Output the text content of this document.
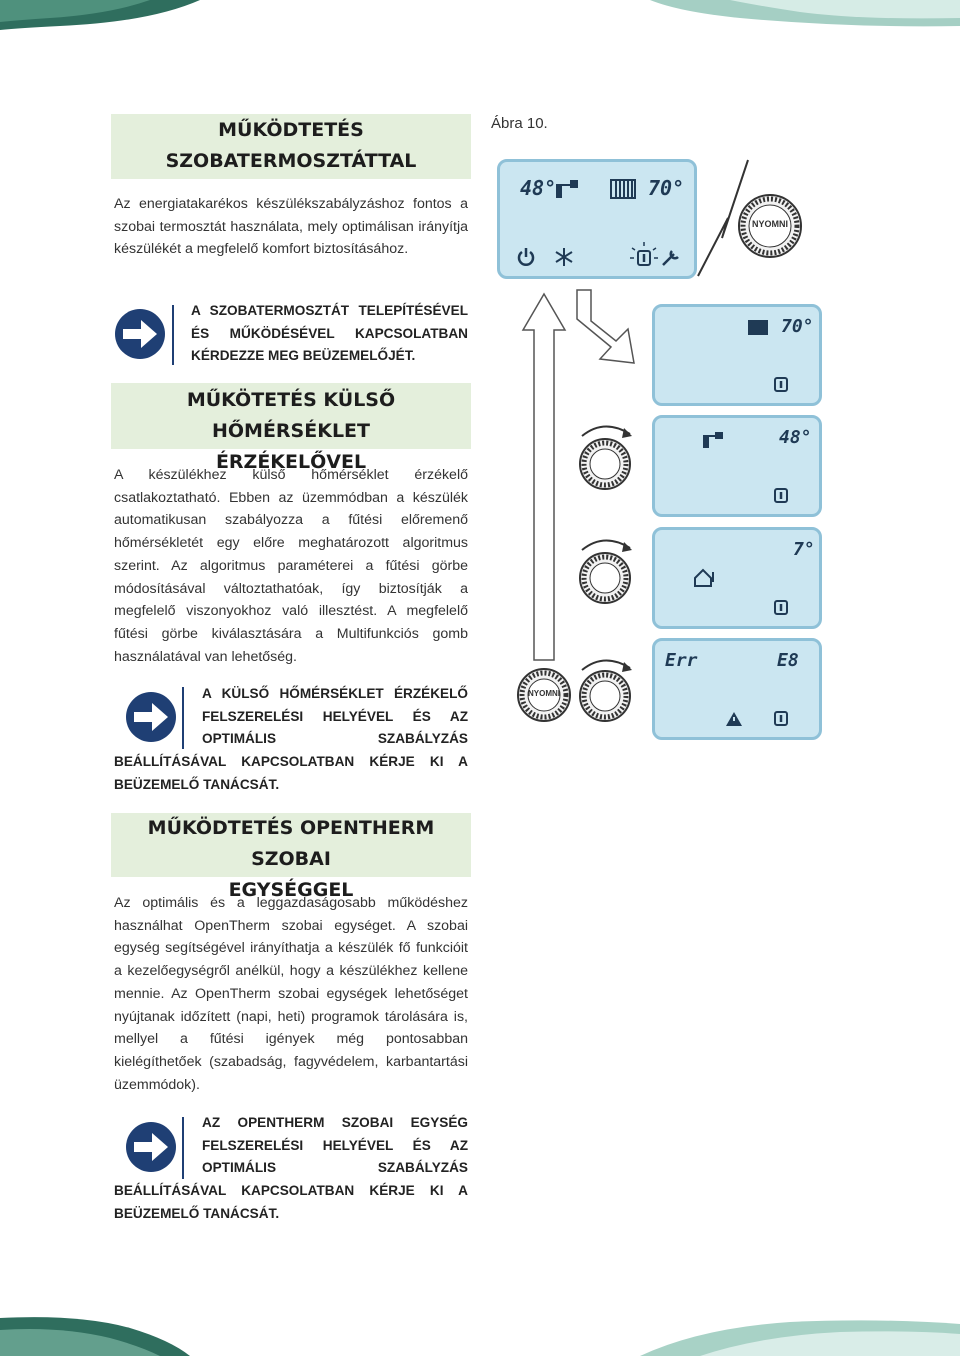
MŰKÖDTETÉS
SZOBATERMOSZTÁTTAL
Az energiatakarékos készülékszabályzáshoz fontos a szobai termosztát használata, mely optimálisan irányítja készülékét a megfelelő komfort biztosításához.
A SZOBATERMOSZTÁT TELEPÍTÉSÉVEL ÉS MŰKÖDÉSÉVEL KAPCSOLATBAN KÉRDEZZE MEG BEÜZEMELŐJÉT.
MŰKÖTETÉS KÜLSŐ HŐMÉRSÉKLET
ÉRZÉKELŐVEL
A készülékhez külső hőmérséklet érzékelő csatlakoztatható. Ebben az üzemmódban a készülék automatikusan szabályozza a fűtési előremenő hőmérsékletét egy előre meghatározott algoritmus szerint. Az algoritmus paraméterei a fűtési görbe módosításával változtathatóak, így biztosítják a megfelelő viszonyokhoz való illesztést. A megfelelő fűtési görbe kiválasztására a Multifunkciós gomb használatával van lehetőség.
A KÜLSŐ HŐMÉRSÉKLET ÉRZÉKELŐ
FELSZERELÉSI HELYÉVEL ÉS AZ
OPTIMÁLIS SZABÁLYZÁS
BEÁLLÍTÁSÁVAL KAPCSOLATBAN KÉRJE KI A BEÜZEMELŐ TANÁCSÁT.
MŰKÖDTETÉS OPENTHERM SZOBAI
EGYSÉGGEL
Az optimális és a leggazdaságosabb működéshez használhat OpenTherm szobai egységet. A szobai egység segítségével irányíthatja a készülék fő funkcióit a kezelőegységről anélkül, hogy a készülékhez kellene mennie. Az OpenTherm szobai egységek lehetőséget nyújtanak időzített (napi, heti) programok tárolására is, mellyel a fűtési igények még pontosabban kielégíthetőek (szabadság, fagyvédelem, karbantartási üzemmódok).
AZ OPENTHERM SZOBAI EGYSÉG
FELSZERELÉSI HELYÉVEL ÉS AZ
OPTIMÁLIS SZABÁLYZÁS
BEÁLLÍTÁSÁVAL KAPCSOLATBAN KÉRJE KI A BEÜZEMELŐ TANÁCSÁT.
Ábra 10.
48°	70°
NYOMNI
70°
48°
7°
Err	E8
NYOMNI
